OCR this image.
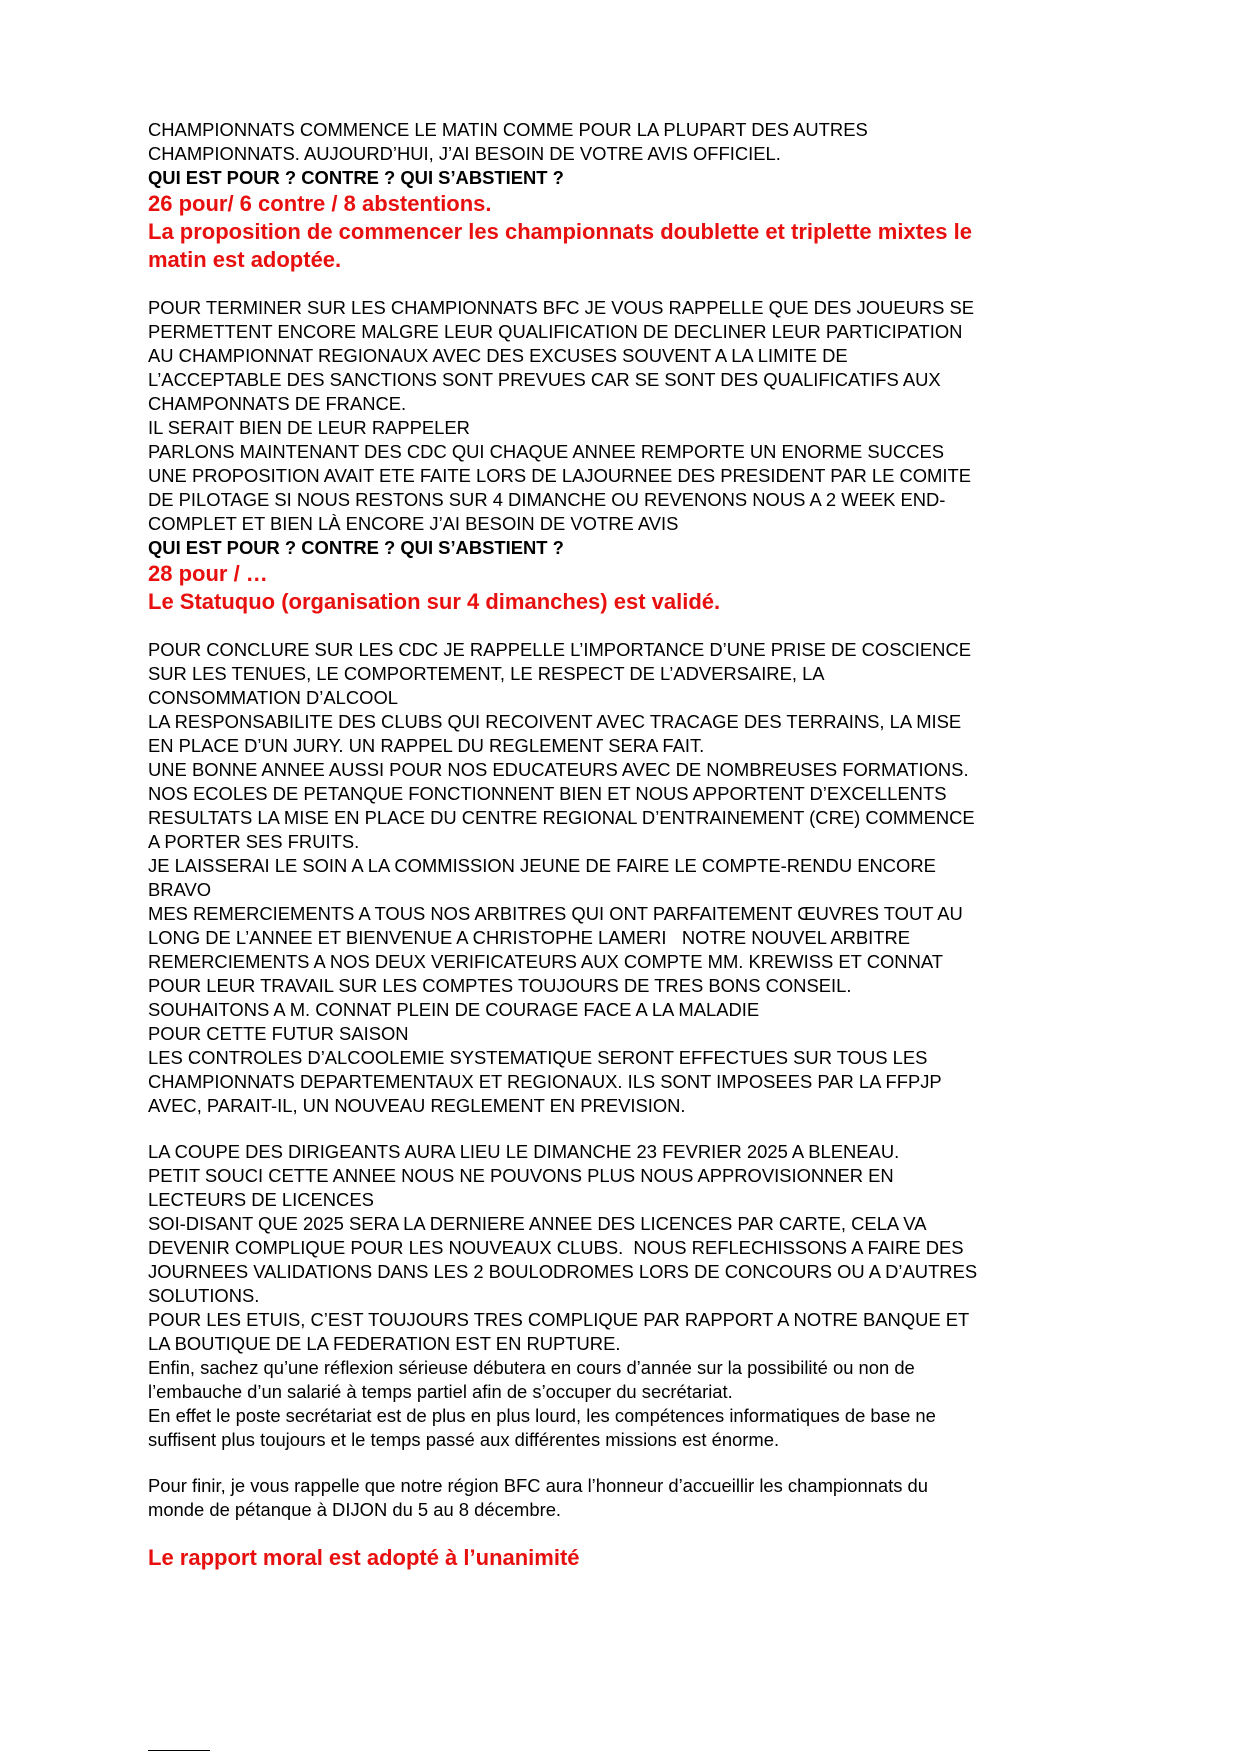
CHAMPIONNATS COMMENCE LE MATIN COMME POUR LA PLUPART DES AUTRES
CHAMPIONNATS. AUJOURD’HUI, J’AI BESOIN DE VOTRE AVIS OFFICIEL.
QUI EST POUR ? CONTRE ? QUI S’ABSTIENT ?
26 pour/ 6 contre / 8 abstentions.
La proposition de commencer les championnats doublette et triplette mixtes le
matin est adoptée.
POUR TERMINER SUR LES CHAMPIONNATS BFC JE VOUS RAPPELLE QUE DES JOUEURS SE
PERMETTENT ENCORE MALGRE LEUR QUALIFICATION DE DECLINER LEUR PARTICIPATION
AU CHAMPIONNAT REGIONAUX AVEC DES EXCUSES SOUVENT A LA LIMITE DE
L’ACCEPTABLE DES SANCTIONS SONT PREVUES CAR SE SONT DES QUALIFICATIFS AUX
CHAMPONNATS DE FRANCE.
IL SERAIT BIEN DE LEUR RAPPELER
PARLONS MAINTENANT DES CDC QUI CHAQUE ANNEE REMPORTE UN ENORME SUCCES
UNE PROPOSITION AVAIT ETE FAITE LORS DE LAJOURNEE DES PRESIDENT PAR LE COMITE
DE PILOTAGE SI NOUS RESTONS SUR 4 DIMANCHE OU REVENONS NOUS A 2 WEEK END-
COMPLET ET BIEN LÀ ENCORE J’AI BESOIN DE VOTRE AVIS
QUI EST POUR ? CONTRE ? QUI S’ABSTIENT ?
28 pour / …
Le Statuquo (organisation sur 4 dimanches) est validé.
POUR CONCLURE SUR LES CDC JE RAPPELLE L’IMPORTANCE D’UNE PRISE DE COSCIENCE
SUR LES TENUES, LE COMPORTEMENT, LE RESPECT DE L’ADVERSAIRE, LA
CONSOMMATION D’ALCOOL
LA RESPONSABILITE DES CLUBS QUI RECOIVENT AVEC TRACAGE DES TERRAINS, LA MISE
EN PLACE D’UN JURY. UN RAPPEL DU REGLEMENT SERA FAIT.
UNE BONNE ANNEE AUSSI POUR NOS EDUCATEURS AVEC DE NOMBREUSES FORMATIONS.
NOS ECOLES DE PETANQUE FONCTIONNENT BIEN ET NOUS APPORTENT D’EXCELLENTS
RESULTATS LA MISE EN PLACE DU CENTRE REGIONAL D’ENTRAINEMENT (CRE) COMMENCE
A PORTER SES FRUITS.
JE LAISSERAI LE SOIN A LA COMMISSION JEUNE DE FAIRE LE COMPTE-RENDU ENCORE
BRAVO
MES REMERCIEMENTS A TOUS NOS ARBITRES QUI ONT PARFAITEMENT ŒUVRES TOUT AU
LONG DE L’ANNEE ET BIENVENUE A CHRISTOPHE LAMERI   NOTRE NOUVEL ARBITRE
REMERCIEMENTS A NOS DEUX VERIFICATEURS AUX COMPTE MM. KREWISS ET CONNAT
POUR LEUR TRAVAIL SUR LES COMPTES TOUJOURS DE TRES BONS CONSEIL.
SOUHAITONS A M. CONNAT PLEIN DE COURAGE FACE A LA MALADIE
POUR CETTE FUTUR SAISON
LES CONTROLES D’ALCOOLEMIE SYSTEMATIQUE SERONT EFFECTUES SUR TOUS LES
CHAMPIONNATS DEPARTEMENTAUX ET REGIONAUX. ILS SONT IMPOSEES PAR LA FFPJP
AVEC, PARAIT-IL, UN NOUVEAU REGLEMENT EN PREVISION.
LA COUPE DES DIRIGEANTS AURA LIEU LE DIMANCHE 23 FEVRIER 2025 A BLENEAU.
PETIT SOUCI CETTE ANNEE NOUS NE POUVONS PLUS NOUS APPROVISIONNER EN
LECTEURS DE LICENCES
SOI-DISANT QUE 2025 SERA LA DERNIERE ANNEE DES LICENCES PAR CARTE, CELA VA
DEVENIR COMPLIQUE POUR LES NOUVEAUX CLUBS.  NOUS REFLECHISSONS A FAIRE DES
JOURNEES VALIDATIONS DANS LES 2 BOULODROMES LORS DE CONCOURS OU A D’AUTRES
SOLUTIONS.
POUR LES ETUIS, C’EST TOUJOURS TRES COMPLIQUE PAR RAPPORT A NOTRE BANQUE ET
LA BOUTIQUE DE LA FEDERATION EST EN RUPTURE.
Enfin, sachez qu’une réflexion sérieuse débutera en cours d’année sur la possibilité ou non de
l’embauche d’un salarié à temps partiel afin de s’occuper du secrétariat.
En effet le poste secrétariat est de plus en plus lourd, les compétences informatiques de base ne
suffisent plus toujours et le temps passé aux différentes missions est énorme.
Pour finir, je vous rappelle que notre région BFC aura l’honneur d’accueillir les championnats du
monde de pétanque à DIJON du 5 au 8 décembre.
Le rapport moral est adopté à l’unanimité
